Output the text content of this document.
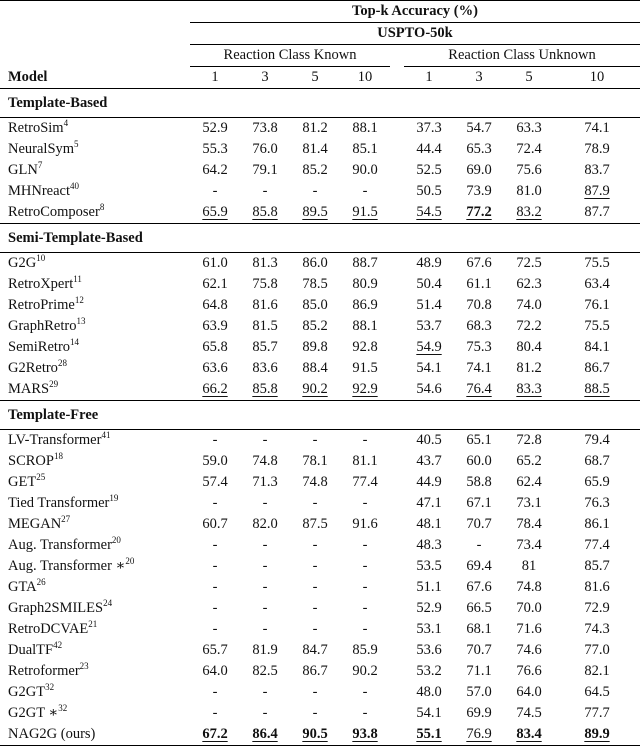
	Top-k Accuracy (%)								
	USPTO-50k								
	Reaction Class Known					Reaction Class Unknown			
Model	1	3	5	10		1	3	5	10
Template-Based									
RetroSim$^4$	52.9	73.8	81.2	88.1		37.3	54.7	63.3	74.1
NeuralSym$^5$	55.3	76.0	81.4	85.1		44.4	65.3	72.4	78.9
GLN$^7$	64.2	79.1	85.2	90.0		52.5	69.0	75.6	83.7
MHNreact$^{40}$	-	-	-	-		50.5	73.9	81.0	87.9
RetroComposer$^8$	65.9	85.8	89.5	91.5		54.5	77.2	83.2	87.7
Semi-Template-Based									
$G2G^{10}$	61.0	81.3	86.0	88.7		48.9	67.6	72.5	75.5
RetroXpert$^{11}$	62.1	75.8	78.5	80.9		50.4	61.1	62.3	63.4
RetroPrime$^{12}$	64.8	81.6	85.0	86.9		51.4	70.8	74.0	76.1
GraphRetro$^{13}$	63.9	81.5	85.2	88.1		53.7	68.3	72.2	75.5
SemiRetro$^{14}$	65.8	85.7	89.8	92.8		54.9	75.3	80.4	84.1
G2Retro$^{28}$	63.6	83.6	88.4	91.5		54.1	74.1	81.2	86.7
MARS$^{29}$	66.2	85.8	90.2	92.9		54.6	76.4	83.3	88.5
Template-Free									
LV-Transformer$^{41}$	-	-	-	-		40.5	65.1	72.8	79.4
SCROP$^{18}$	59.0	74.8	78.1	81.1		43.7	60.0	65.2	68.7
GET$^{25}$	57.4	71.3	74.8	77.4		44.9	58.8	62.4	65.9
Tied Transformer$^{19}$	-	-	-	-		47.1	67.1	73.1	76.3
MEGAN$^{27}$	60.7	82.0	87.5	91.6		48.1	70.7	78.4	86.1
Aug. Transformer$^{20}$	-	-	-	-		48.3	-	73.4	77.4
Aug. Transformer ∗$^{20}$	-	-	-	-		53.5	69.4	81	85.7
GTA$^{26}$	-	-	-	-		51.1	67.6	74.8	81.6
Graph2SMILES$^{24}$	-	-	-	-		52.9	66.5	70.0	72.9
RetroDCVAE$^{21}$	-	-	-	-		53.1	68.1	71.6	74.3
DualTF$^{42}$	65.7	81.9	84.7	85.9		53.6	70.7	74.6	77.0
Retroformer$^{23}$	64.0	82.5	86.7	90.2		53.2	71.1	76.6	82.1
G2GT$^{32}$	-	-	-	-		48.0	57.0	64.0	64.5
G2GT ∗$^{32}$	-	-	-	-		54.1	69.9	74.5	77.7
NAG2G (ours)	67.2	86.4	90.5	93.8		55.1	76.9	83.4	89.9
